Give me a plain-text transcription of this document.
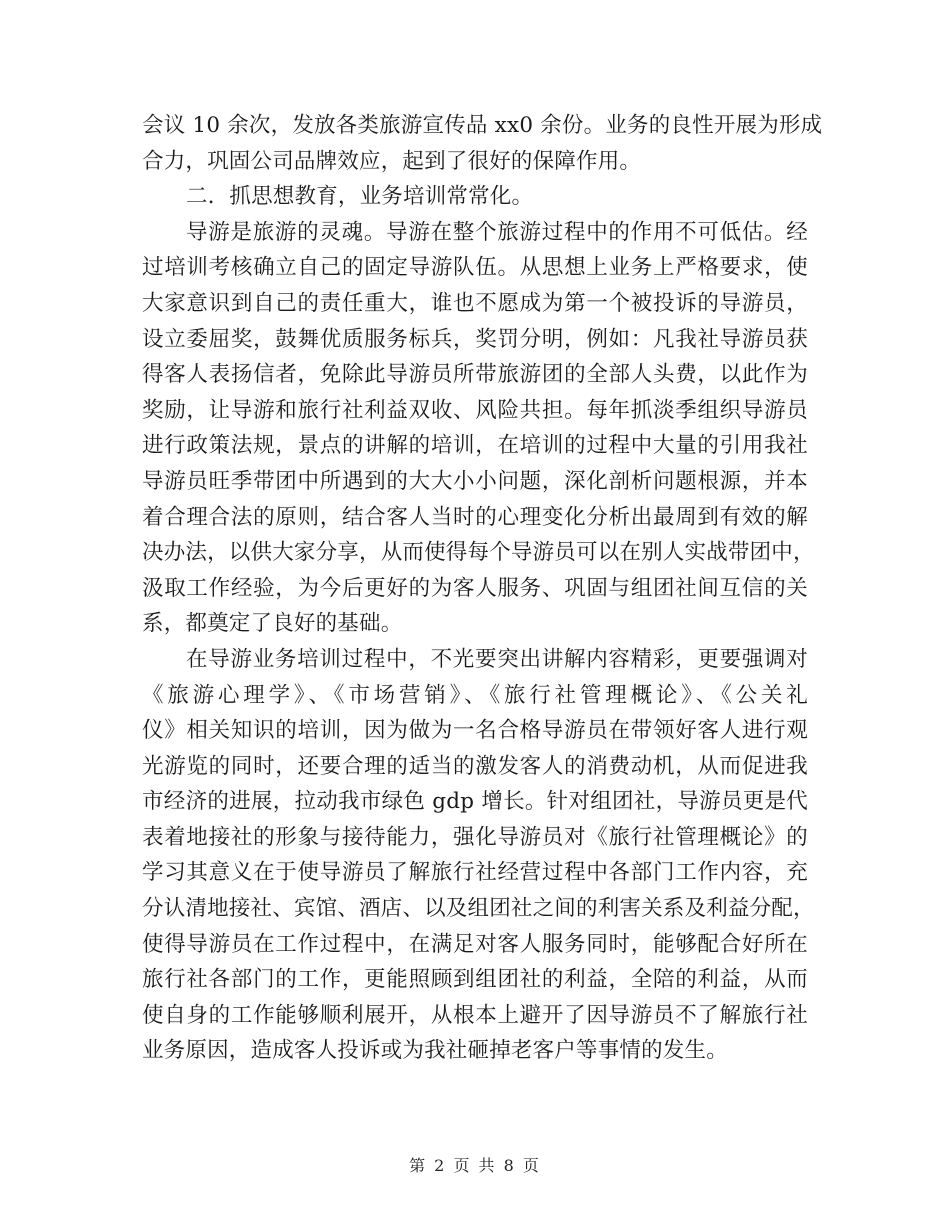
会议 10 余次，发放各类旅游宣传品 xx0 余份。业务的良性开展为形成
合力，巩固公司品牌效应，起到了很好的保障作用。
二．抓思想教育，业务培训常常化。
导游是旅游的灵魂。导游在整个旅游过程中的作用不可低估。经
过培训考核确立自己的固定导游队伍。从思想上业务上严格要求，使
大家意识到自己的责任重大，谁也不愿成为第一个被投诉的导游员，
设立委屈奖，鼓舞优质服务标兵，奖罚分明，例如：凡我社导游员获
得客人表扬信者，免除此导游员所带旅游团的全部人头费，以此作为
奖励，让导游和旅行社利益双收、风险共担。每年抓淡季组织导游员
进行政策法规，景点的讲解的培训，在培训的过程中大量的引用我社
导游员旺季带团中所遇到的大大小小问题，深化剖析问题根源，并本
着合理合法的原则，结合客人当时的心理变化分析出最周到有效的解
决办法，以供大家分享，从而使得每个导游员可以在别人实战带团中，
汲取工作经验，为今后更好的为客人服务、巩固与组团社间互信的关
系，都奠定了良好的基础。
在导游业务培训过程中，不光要突出讲解内容精彩，更要强调对
《旅游心理学》、《市场营销》、《旅行社管理概论》、《公关礼
仪》相关知识的培训，因为做为一名合格导游员在带领好客人进行观
光游览的同时，还要合理的适当的激发客人的消费动机，从而促进我
市经济的进展，拉动我市绿色 gdp 增长。针对组团社，导游员更是代
表着地接社的形象与接待能力，强化导游员对《旅行社管理概论》的
学习其意义在于使导游员了解旅行社经营过程中各部门工作内容，充
分认清地接社、宾馆、酒店、以及组团社之间的利害关系及利益分配，
使得导游员在工作过程中，在满足对客人服务同时，能够配合好所在
旅行社各部门的工作，更能照顾到组团社的利益，全陪的利益，从而
使自身的工作能够顺利展开，从根本上避开了因导游员不了解旅行社
业务原因，造成客人投诉或为我社砸掉老客户等事情的发生。
第 2 页 共 8 页
